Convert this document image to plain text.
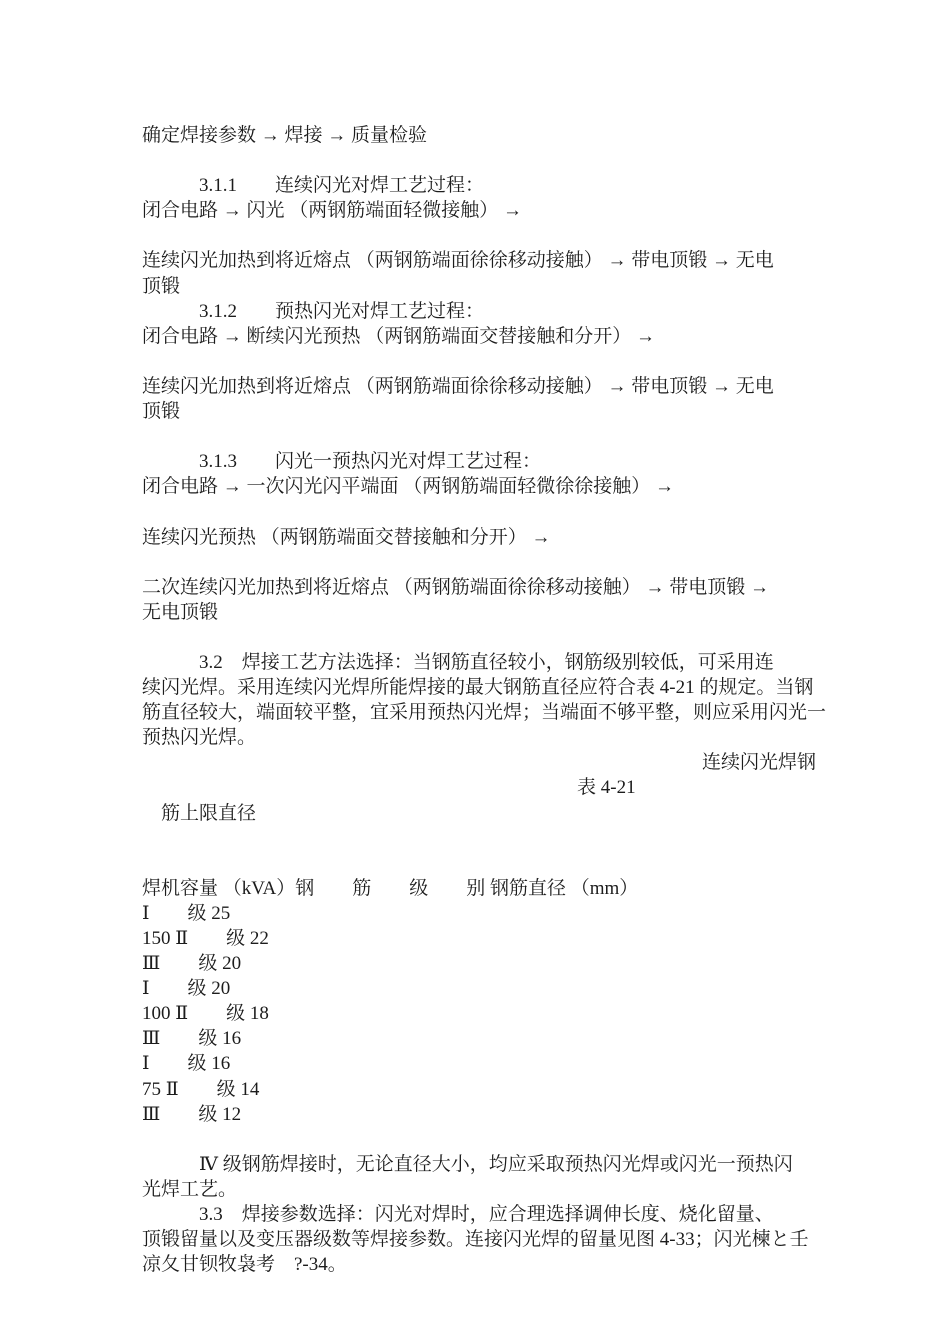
确定焊接参数 → 焊接 → 质量检验
　　　3.1.1　　连续闪光对焊工艺过程：
闭合电路 → 闪光 （两钢筋端面轻微接触） →
连续闪光加热到将近熔点 （两钢筋端面徐徐移动接触） → 带电顶锻 → 无电
顶锻
　　　3.1.2　　预热闪光对焊工艺过程：
闭合电路 → 断续闪光预热 （两钢筋端面交替接触和分开） →
连续闪光加热到将近熔点 （两钢筋端面徐徐移动接触） → 带电顶锻 → 无电
顶锻
　　　3.1.3　　闪光一预热闪光对焊工艺过程：
闭合电路 → 一次闪光闪平端面 （两钢筋端面轻微徐徐接触） →
连续闪光预热 （两钢筋端面交替接触和分开） →
二次连续闪光加热到将近熔点 （两钢筋端面徐徐移动接触） → 带电顶锻 →
无电顶锻
　　　3.2　焊接工艺方法选择：当钢筋直径较小，钢筋级别较低，可采用连
续闪光焊。采用连续闪光焊所能焊接的最大钢筋直径应符合表 4-21 的规定。当钢
筋直径较大，端面较平整，宜采用预热闪光焊；当端面不够平整，则应采用闪光一
预热闪光焊。
连续闪光焊钢

筋上限直径

表 4-21

焊机容量 （kVA）钢　　筋　　级　　别 钢筋直径 （mm）
Ⅰ　　级 25
150 Ⅱ　　级 22
Ⅲ　　级 20
Ⅰ　　级 20
100 Ⅱ　　级 18
Ⅲ　　级 16
Ⅰ　　级 16
75 Ⅱ　　级 14
Ⅲ　　级 12
　　　Ⅳ 级钢筋焊接时，无论直径大小，均应采取预热闪光焊或闪光一预热闪
光焊工艺。
　　　3.3　焊接参数选择：闪光对焊时，应合理选择调伸长度、烧化留量、
顶锻留量以及变压器级数等焊接参数。连接闪光焊的留量见图 4-33；闪光楝と壬
凉夂甘钡牧袅考　?-34。
